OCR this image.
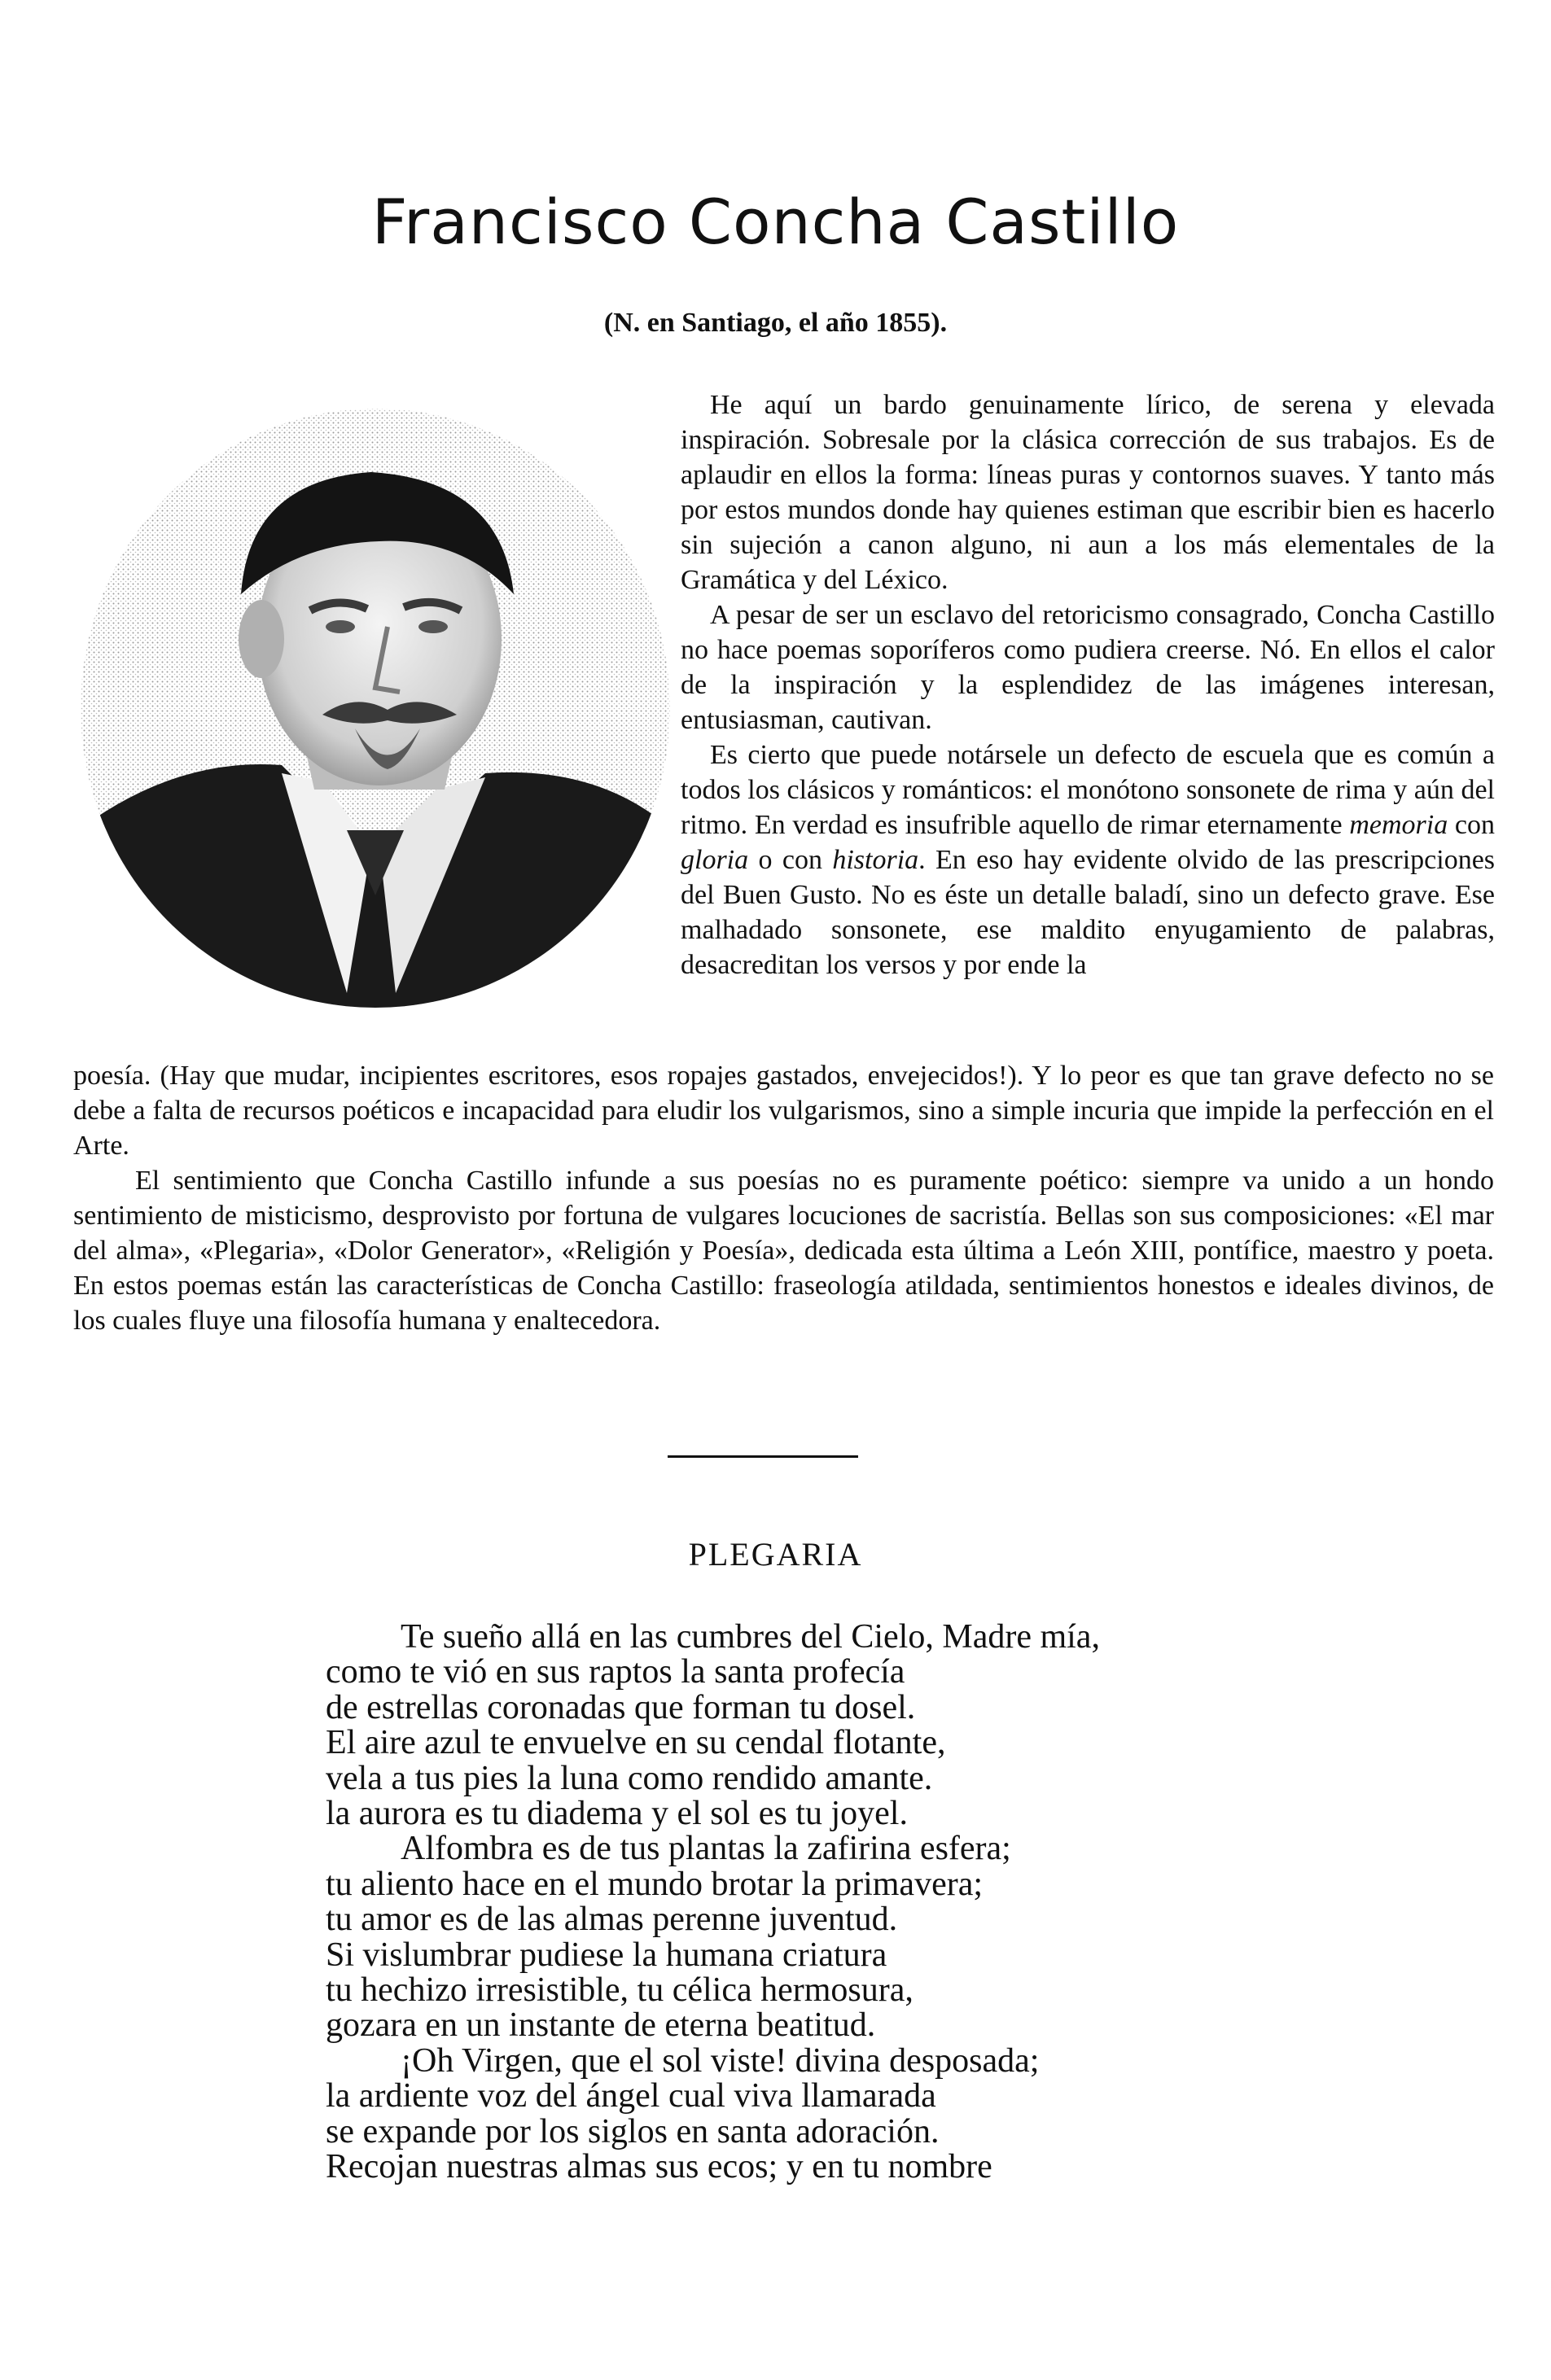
Francisco Concha Castillo
(N. en Santiago, el año 1855).

He aquí un bardo genuinamente lírico, de serena y elevada inspiración. Sobresale por la clásica corrección de sus trabajos. Es de aplaudir en ellos la forma: líneas puras y contornos suaves. Y tanto más por estos mundos donde hay quienes estiman que escribir bien es hacerlo sin sujeción a canon alguno, ni aun a los más elementales de la Gramática y del Léxico.

A pesar de ser un esclavo del retoricismo consagrado, Concha Castillo no hace poemas soporíferos como pudiera creerse. Nó. En ellos el calor de la inspiración y la esplendidez de las imágenes interesan, entusiasman, cautivan.

Es cierto que puede notársele un defecto de escuela que es común a todos los clásicos y románticos: el monótono sonsonete de rima y aún del ritmo. En verdad es insufrible aquello de rimar eternamente memoria con gloria o con historia. En eso hay evidente olvido de las prescripciones del Buen Gusto. No es éste un detalle baladí, sino un defecto grave. Ese malhadado sonsonete, ese maldito enyugamiento de palabras, desacreditan los versos y por ende la

poesía. (Hay que mudar, incipientes escritores, esos ropajes gastados, envejecidos!). Y lo peor es que tan grave defecto no se debe a falta de recursos poéticos e incapacidad para eludir los vulgarismos, sino a simple incuria que impide la perfección en el Arte.

El sentimiento que Concha Castillo infunde a sus poesías no es puramente poético: siempre va unido a un hondo sentimiento de misticismo, desprovisto por fortuna de vulgares locuciones de sacristía. Bellas son sus composiciones: «El mar del alma», «Plegaria», «Dolor Generator», «Religión y Poesía», dedicada esta última a León XIII, pontífice, maestro y poeta. En estos poemas están las características de Concha Castillo: fraseología atildada, sentimientos honestos e ideales divinos, de los cuales fluye una filosofía humana y enaltecedora.

PLEGARIA
Te sueño allá en las cumbres del Cielo, Madre mía,
como te vió en sus raptos la santa profecía
de estrellas coronadas que forman tu dosel.
El aire azul te envuelve en su cendal flotante,
vela a tus pies la luna como rendido amante.
la aurora es tu diadema y el sol es tu joyel.
Alfombra es de tus plantas la zafirina esfera;
tu aliento hace en el mundo brotar la primavera;
tu amor es de las almas perenne juventud.
Si vislumbrar pudiese la humana criatura
tu hechizo irresistible, tu célica hermosura,
gozara en un instante de eterna beatitud.
¡Oh Virgen, que el sol viste! divina desposada;
la ardiente voz del ángel cual viva llamarada
se expande por los siglos en santa adoración.
Recojan nuestras almas sus ecos; y en tu nombre
